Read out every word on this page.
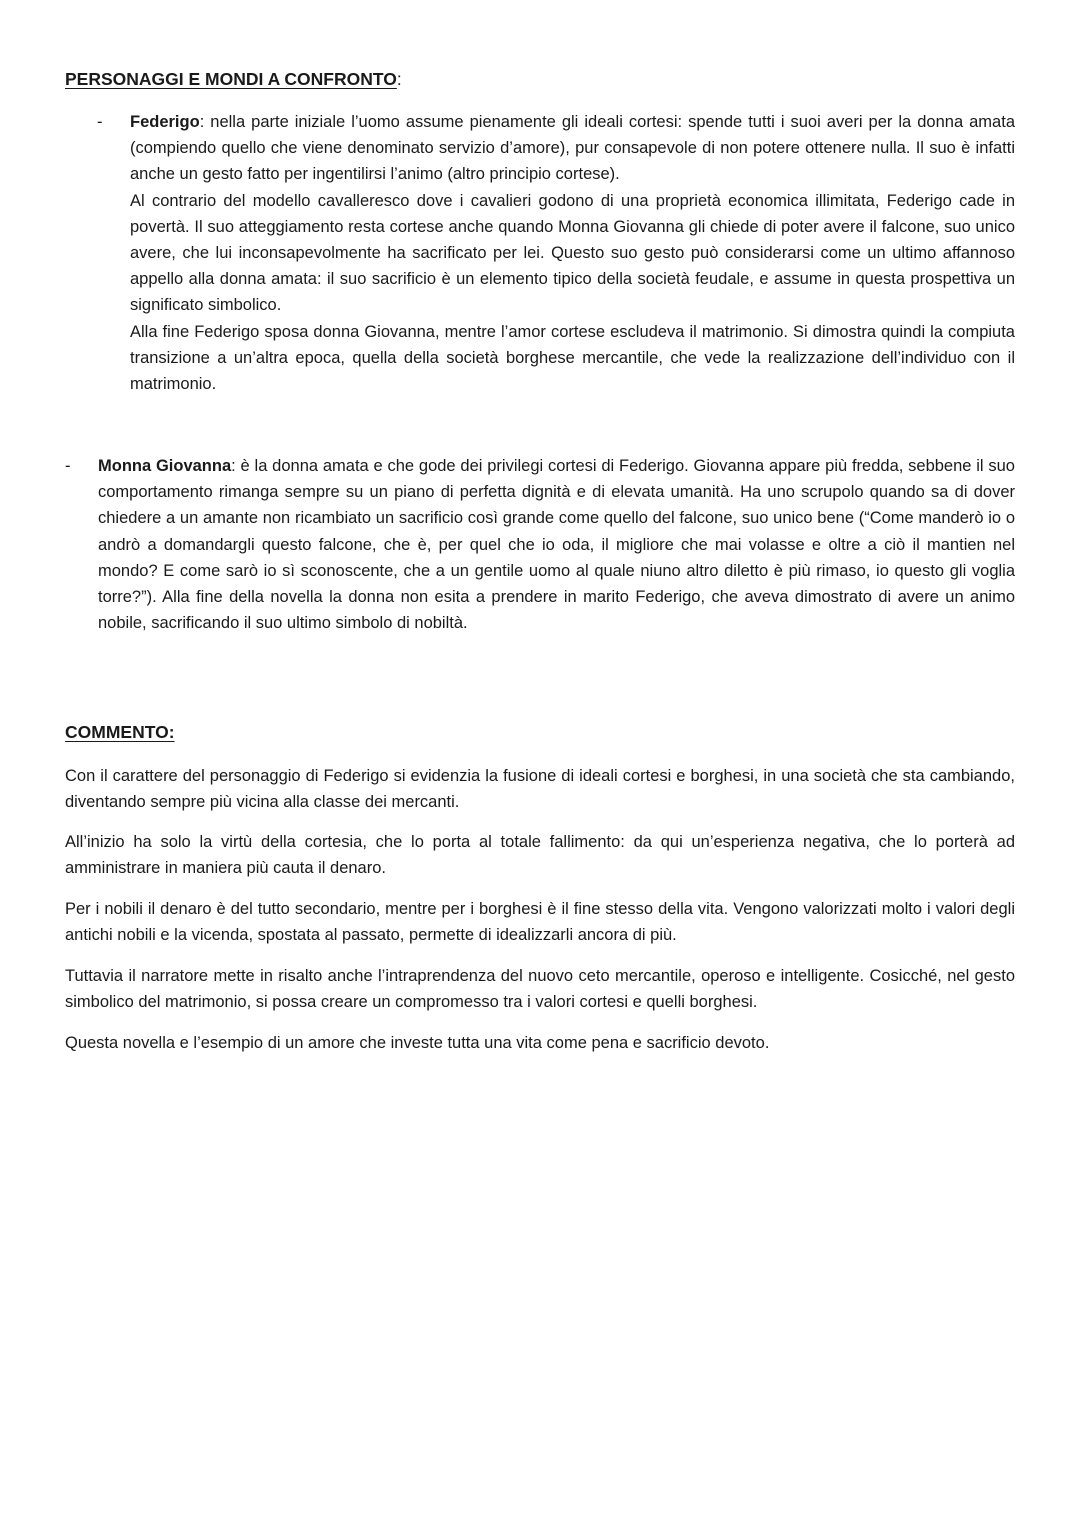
PERSONAGGI E MONDI A CONFRONTO:
- Federigo: nella parte iniziale l’uomo assume pienamente gli ideali cortesi: spende tutti i suoi averi per la donna amata (compiendo quello che viene denominato servizio d’amore), pur consapevole di non potere ottenere nulla. Il suo è infatti anche un gesto fatto per ingentilirsi l’animo (altro principio cortese).

Al contrario del modello cavalleresco dove i cavalieri godono di una proprietà economica illimitata, Federigo cade in povertà. Il suo atteggiamento resta cortese anche quando Monna Giovanna gli chiede di poter avere il falcone, suo unico avere, che lui inconsapevolmente ha sacrificato per lei. Questo suo gesto può considerarsi come un ultimo affannoso appello alla donna amata: il suo sacrificio è un elemento tipico della società feudale, e assume in questa prospettiva un significato simbolico.

Alla fine Federigo sposa donna Giovanna, mentre l’amor cortese escludeva il matrimonio. Si dimostra quindi la compiuta transizione a un’altra epoca, quella della società borghese mercantile, che vede la realizzazione dell’individuo con il matrimonio.

- Monna Giovanna: è la donna amata e che gode dei privilegi cortesi di Federigo. Giovanna appare più fredda, sebbene il suo comportamento rimanga sempre su un piano di perfetta dignità e di elevata umanità. Ha uno scrupolo quando sa di dover chiedere a un amante non ricambiato un sacrificio così grande come quello del falcone, suo unico bene (“Come manderò io o andrò a domandargli questo falcone, che è, per quel che io oda, il migliore che mai volasse e oltre a ciò il mantien nel mondo? E come sarò io sì sconoscente, che a un gentile uomo al quale niuno altro diletto è più rimaso, io questo gli voglia torre?”). Alla fine della novella la donna non esita a prendere in marito Federigo, che aveva dimostrato di avere un animo nobile, sacrificando il suo ultimo simbolo di nobiltà.

COMMENTO:

Con il carattere del personaggio di Federigo si evidenzia la fusione di ideali cortesi e borghesi, in una società che sta cambiando, diventando sempre più vicina alla classe dei mercanti.

All’inizio ha solo la virtù della cortesia, che lo porta al totale fallimento: da qui un’esperienza negativa, che lo porterà ad amministrare in maniera più cauta il denaro.

Per i nobili il denaro è del tutto secondario, mentre per i borghesi è il fine stesso della vita. Vengono valorizzati molto i valori degli antichi nobili e la vicenda, spostata al passato, permette di idealizzarli ancora di più.

Tuttavia il narratore mette in risalto anche l’intraprendenza del nuovo ceto mercantile, operoso e intelligente. Cosicché, nel gesto simbolico del matrimonio, si possa creare un compromesso tra i valori cortesi e quelli borghesi.

Questa novella e l’esempio di un amore che investe tutta una vita come pena e sacrificio devoto.
